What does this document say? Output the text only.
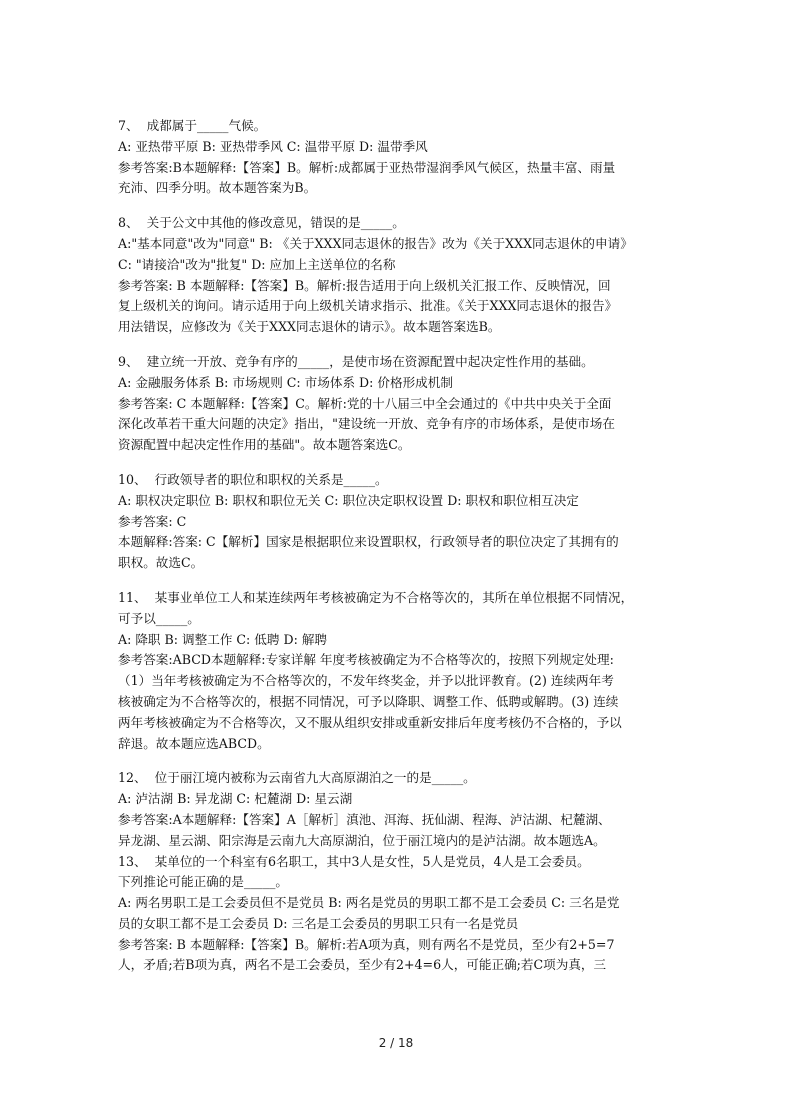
7、  成都属于_____气候。
A: 亚热带平原 B: 亚热带季风 C: 温带平原 D: 温带季风
参考答案:B本题解释:【答案】B。解析:成都属于亚热带湿润季风气候区，热量丰富、雨量
充沛、四季分明。故本题答案为B。
8、  关于公文中其他的修改意见，错误的是_____。
A:"基本同意"改为"同意" B: 《关于XXX同志退休的报告》改为《关于XXX同志退休的申请》
C: "请接洽"改为"批复" D: 应加上主送单位的名称
参考答案: B 本题解释:【答案】B。解析:报告适用于向上级机关汇报工作、反映情况，回
复上级机关的询问。请示适用于向上级机关请求指示、批准。《关于XXX同志退休的报告》
用法错误，应修改为《关于XXX同志退休的请示》。故本题答案选B。
9、  建立统一开放、竞争有序的_____，是使市场在资源配置中起决定性作用的基础。
A: 金融服务体系 B: 市场规则 C: 市场体系 D: 价格形成机制
参考答案: C 本题解释:【答案】C。解析:党的十八届三中全会通过的《中共中央关于全面
深化改革若干重大问题的决定》指出，"建设统一开放、竞争有序的市场体系，是使市场在
资源配置中起决定性作用的基础"。故本题答案选C。
10、  行政领导者的职位和职权的关系是_____。
A: 职权决定职位 B: 职权和职位无关 C: 职位决定职权设置 D: 职权和职位相互决定
参考答案: C
本题解释:答案: C【解析】国家是根据职位来设置职权，行政领导者的职位决定了其拥有的
职权。故选C。
11、  某事业单位工人和某连续两年考核被确定为不合格等次的，其所在单位根据不同情况，
可予以_____。
A: 降职 B: 调整工作 C: 低聘 D: 解聘
参考答案:ABCD本题解释:专家详解 年度考核被确定为不合格等次的，按照下列规定处理:
（1）当年考核被确定为不合格等次的，不发年终奖金，并予以批评教育。(2) 连续两年考
核被确定为不合格等次的，根据不同情况，可予以降职、调整工作、低聘或解聘。(3) 连续
两年考核被确定为不合格等次，又不服从组织安排或重新安排后年度考核仍不合格的，予以
辞退。故本题应选ABCD。
12、  位于丽江境内被称为云南省九大高原湖泊之一的是_____。
A: 泸沽湖 B: 异龙湖 C: 杞麓湖 D: 星云湖
参考答案:A本题解释:【答案】A［解析］滇池、洱海、抚仙湖、程海、泸沽湖、杞麓湖、
异龙湖、星云湖、阳宗海是云南九大高原湖泊，位于丽江境内的是泸沽湖。故本题选A。
13、  某单位的一个科室有6名职工，其中3人是女性，5人是党员，4人是工会委员。
下列推论可能正确的是_____。
A: 两名男职工是工会委员但不是党员 B: 两名是党员的男职工都不是工会委员 C: 三名是党
员的女职工都不是工会委员 D: 三名是工会委员的男职工只有一名是党员
参考答案: B 本题解释:【答案】B。解析:若A项为真，则有两名不是党员，至少有2+5=7
人，矛盾;若B项为真，两名不是工会委员，至少有2+4=6人，可能正确;若C项为真，三
2 / 18
